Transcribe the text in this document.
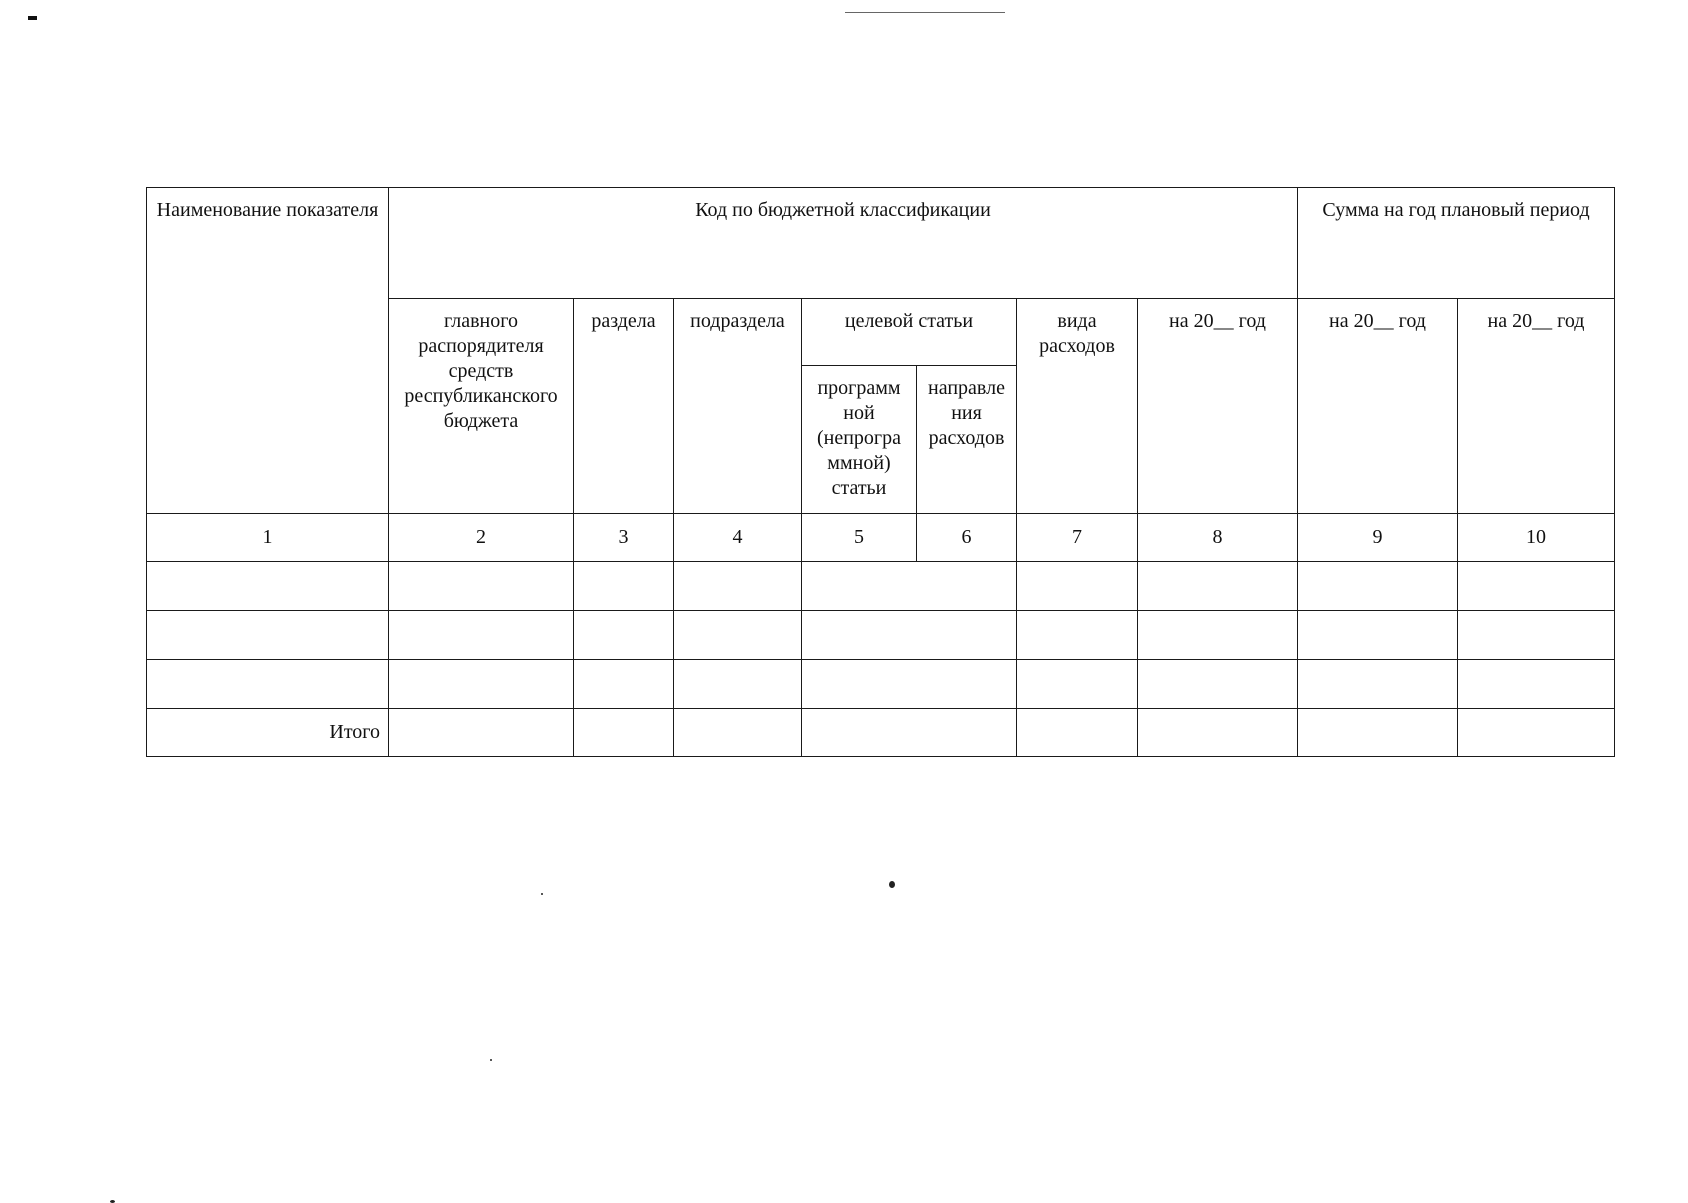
Наименование показателя	Код по бюджетной классификации							Сумма на год плановый период	
	главного распорядителя средств республиканского бюджета	раздела	подраздела	целевой статьи		вида расходов	на 20__ год	на 20__ год	на 20__ год
				программ ной (непрогра ммной) статьи	направле ния расходов				
1	2	3	4	5	6	7	8	9	10

Итого									
